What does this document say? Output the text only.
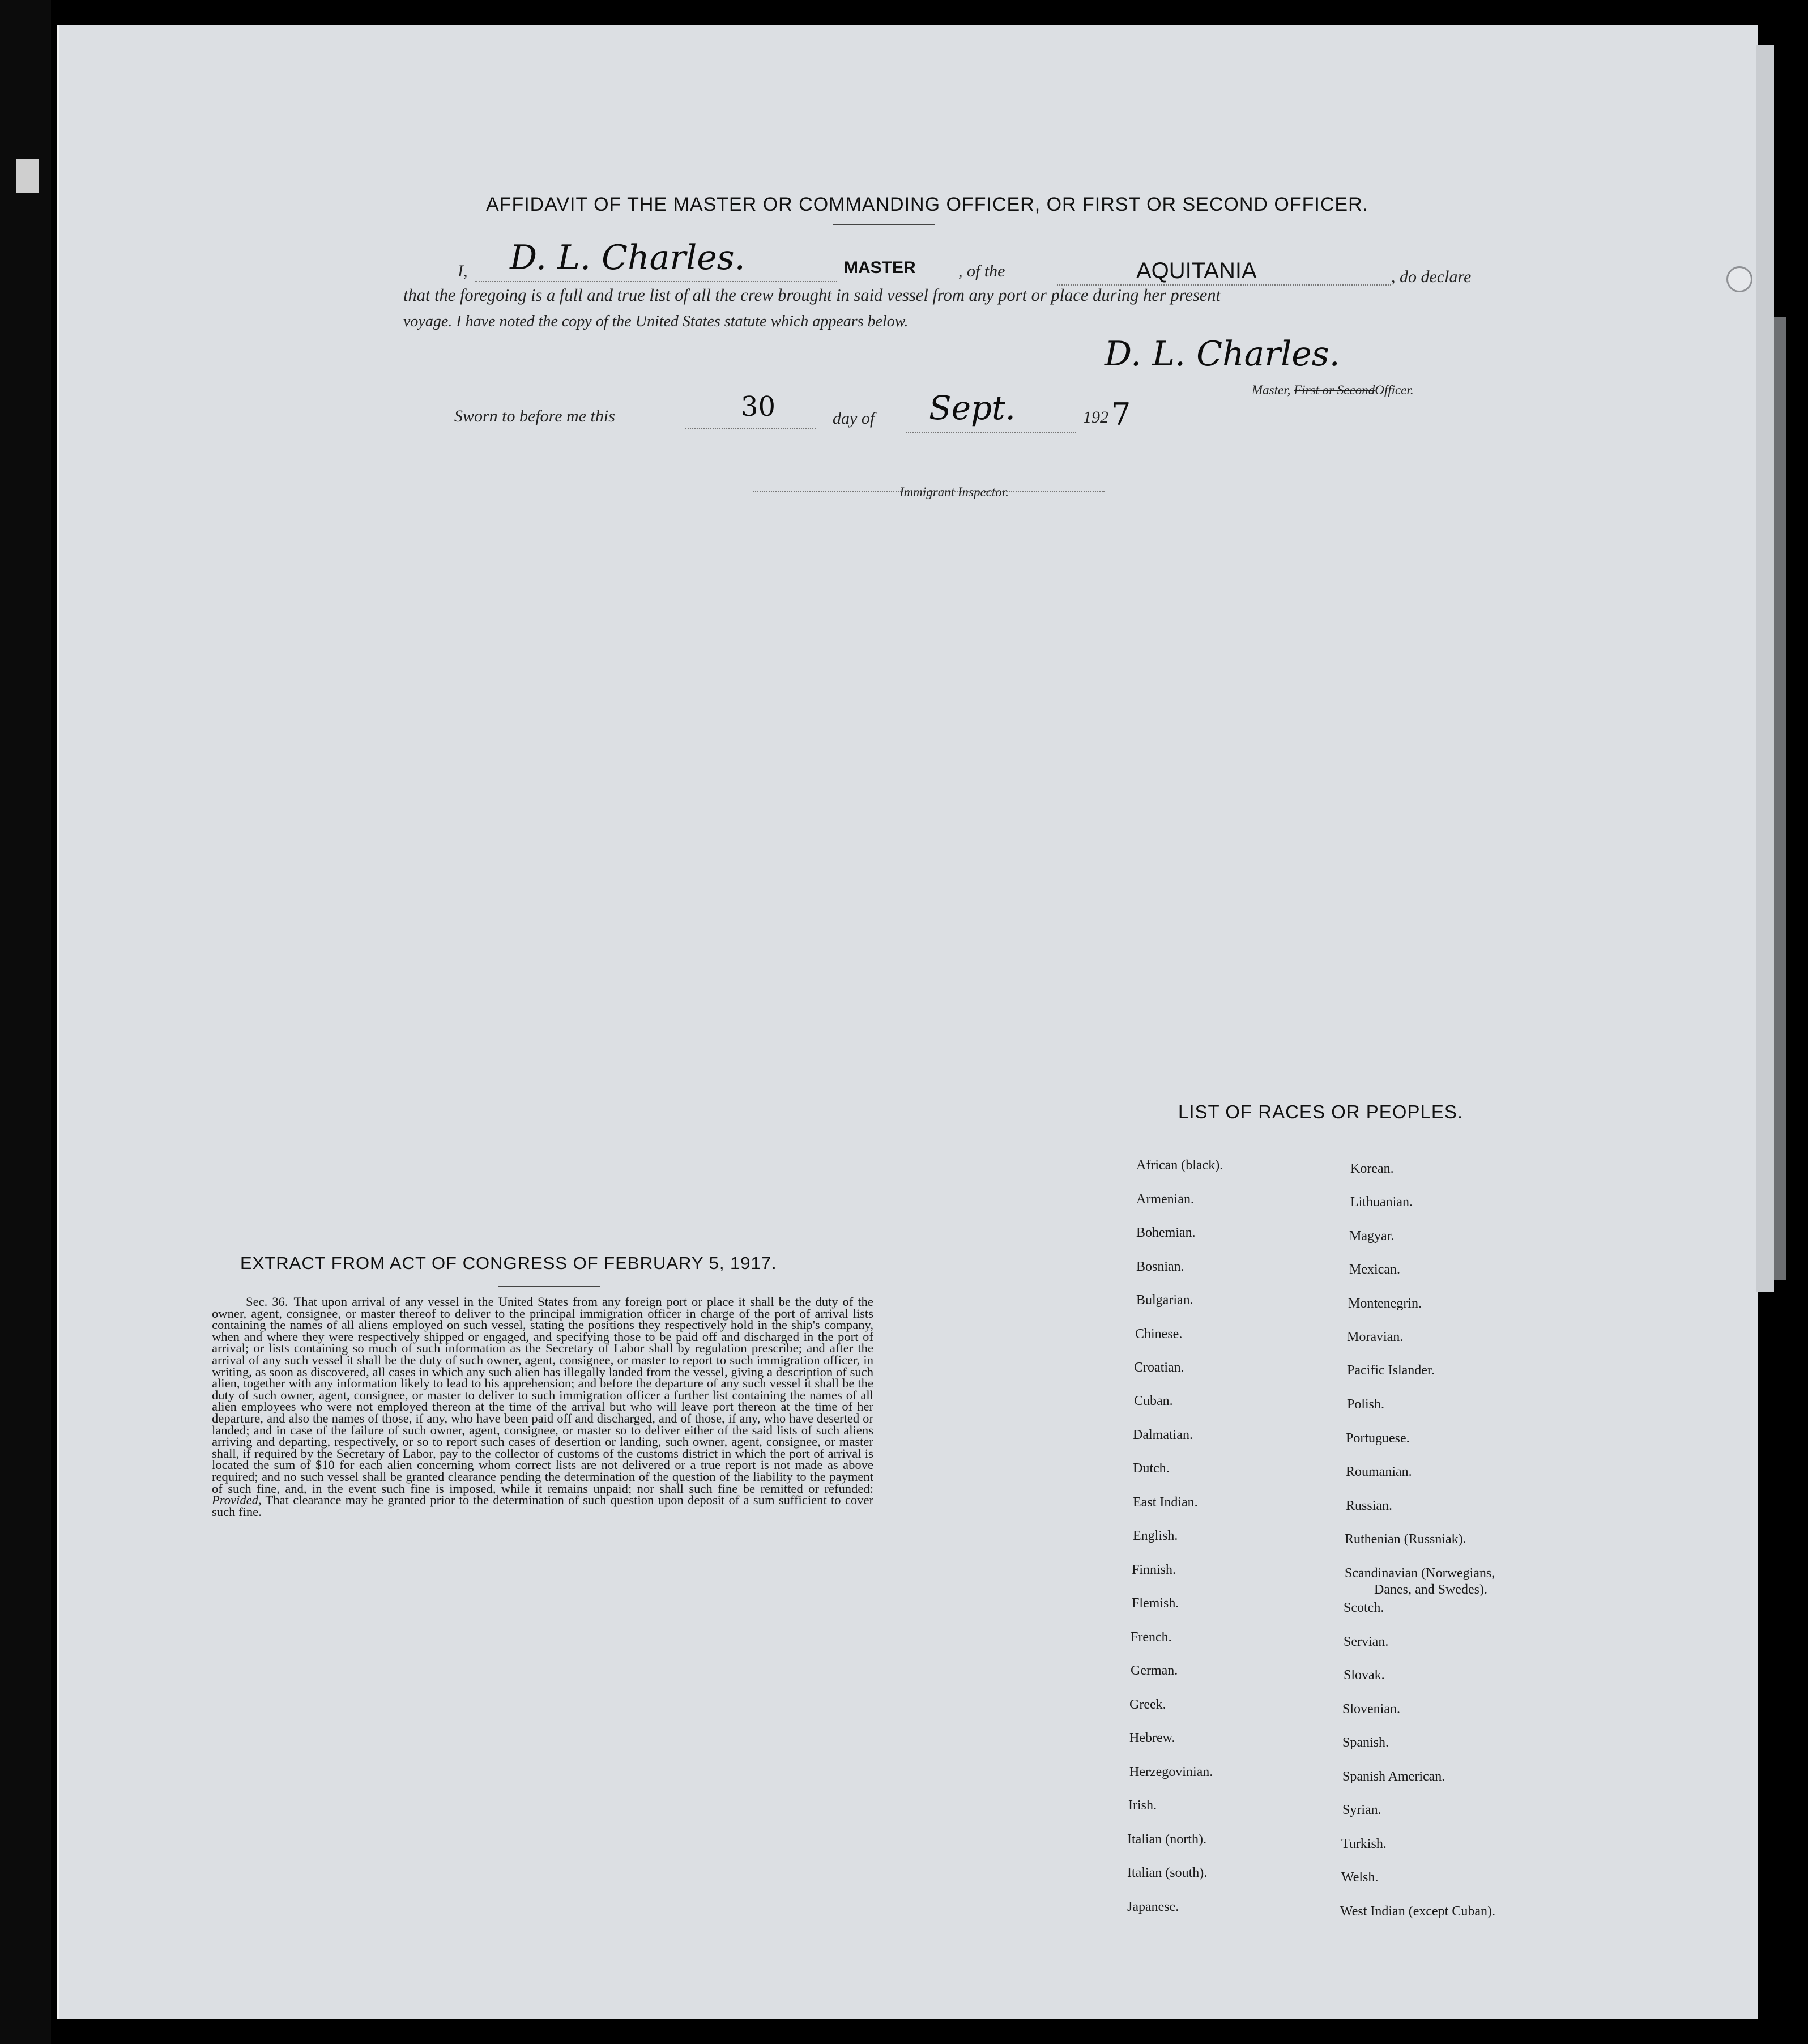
AFFIDAVIT OF THE MASTER OR COMMANDING OFFICER, OR FIRST OR SECOND OFFICER.
I, D. L. Charles.	MASTER	, of the	AQUITANIA	, do declare
that the foregoing is a full and true list of all the crew brought in said vessel from any port or place during her present
voyage. I have noted the copy of the United States statute which appears below.
D. L. Charles.
Master, First or SecondOfficer.
Sworn to before me this	30	day of Sept.	192 7
Immigrant Inspector.
EXTRACT FROM ACT OF CONGRESS OF FEBRUARY 5, 1917.

Sec. 36. That upon arrival of any vessel in the United States from any foreign port or place it shall be the duty of the owner, agent, consignee, or master thereof to deliver to the principal immigration officer in charge of the port of arrival lists containing the names of all aliens employed on such vessel, stating the positions they respectively hold in the ship's company, when and where they were respectively shipped or engaged, and specifying those to be paid off and discharged in the port of arrival; or lists containing so much of such information as the Secretary of Labor shall by regulation prescribe; and after the arrival of any such vessel it shall be the duty of such owner, agent, consignee, or master to report to such immigration officer, in writing, as soon as discovered, all cases in which any such alien has illegally landed from the vessel, giving a description of such alien, together with any information likely to lead to his apprehension; and before the departure of any such vessel it shall be the duty of such owner, agent, consignee, or master to deliver to such immigration officer a further list containing the names of all alien employees who were not employed thereon at the time of the arrival but who will leave port thereon at the time of her departure, and also the names of those, if any, who have been paid off and discharged, and of those, if any, who have deserted or landed; and in case of the failure of such owner, agent, consignee, or master so to deliver either of the said lists of such aliens arriving and departing, respectively, or so to report such cases of desertion or landing, such owner, agent, consignee, or master shall, if required by the Secretary of Labor, pay to the collector of customs of the customs district in which the port of arrival is located the sum of $10 for each alien concerning whom correct lists are not delivered or a true report is not made as above required; and no such vessel shall be granted clearance pending the determination of the question of the liability to the payment of such fine, and, in the event such fine is imposed, while it remains unpaid; nor shall such fine be remitted or refunded: Provided, That clearance may be granted prior to the determination of such question upon deposit of a sum sufficient to cover such fine.

LIST OF RACES OR PEOPLES.
African (black).
Armenian.
Bohemian.
Bosnian.
Bulgarian.
Chinese.
Croatian.
Cuban.
Dalmatian.
Dutch.
East Indian.
English.
Finnish.
Flemish.
French.
German.
Greek.
Hebrew.
Herzegovinian.
Irish.
Italian (north).
Italian (south).
Japanese.
Korean.
Lithuanian.
Magyar.
Mexican.
Montenegrin.
Moravian.
Pacific Islander.
Polish.
Portuguese.
Roumanian.
Russian.
Ruthenian (Russniak).
Scandinavian (Norwegians,
Danes, and Swedes).
Scotch.
Servian.
Slovak.
Slovenian.
Spanish.
Spanish American.
Syrian.
Turkish.
Welsh.
West Indian (except Cuban).
